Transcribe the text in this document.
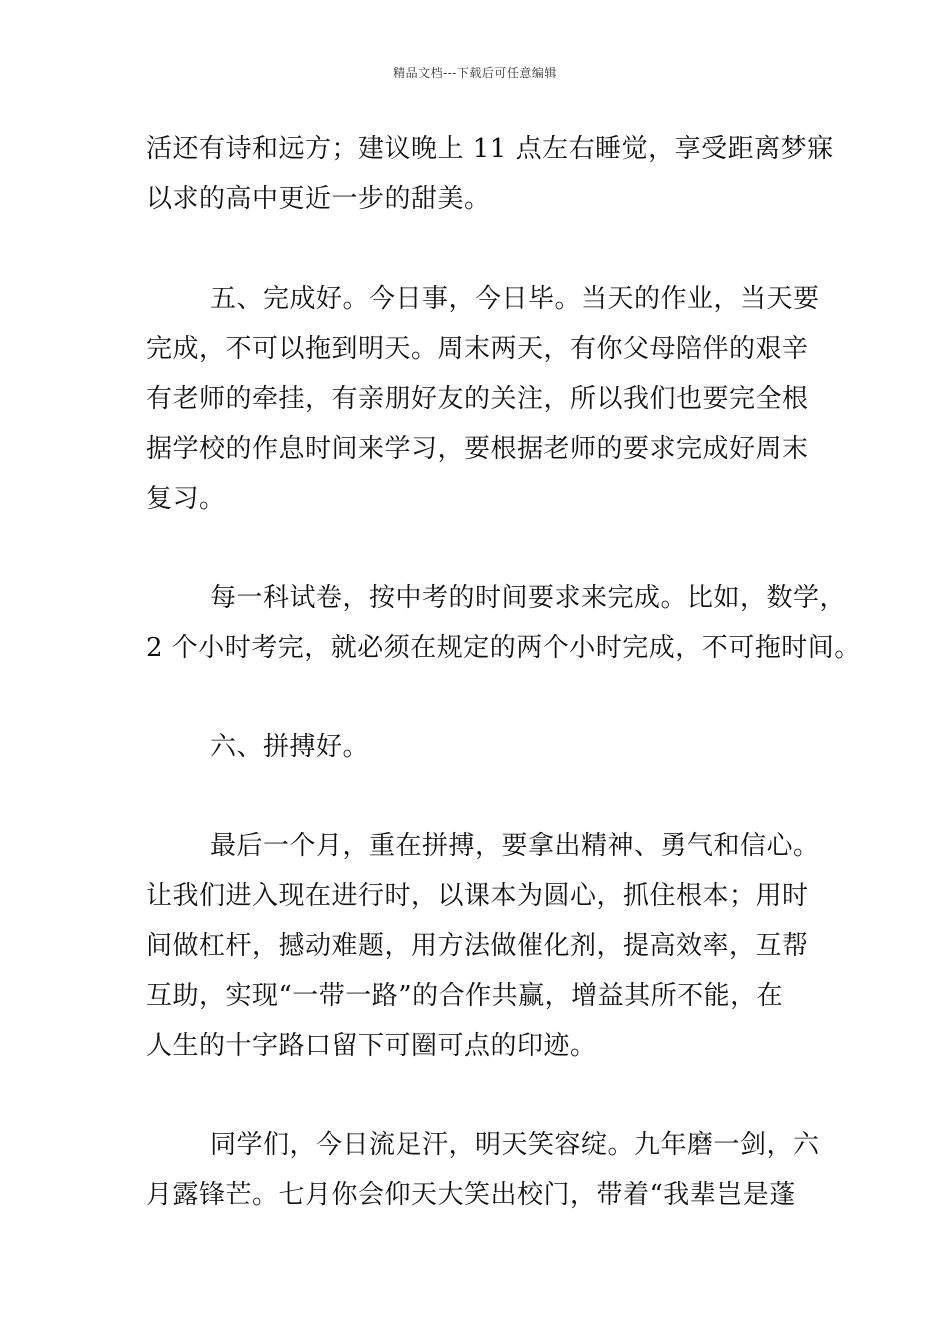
精品文档---下载后可任意编辑
活还有诗和远方；建议晚上 11 点左右睡觉，享受距离梦寐
以求的高中更近一步的甜美。
五、完成好。今日事，今日毕。当天的作业，当天要
完成，不可以拖到明天。周末两天，有你父母陪伴的艰辛
有老师的牵挂，有亲朋好友的关注，所以我们也要完全根
据学校的作息时间来学习，要根据老师的要求完成好周末
复习。
每一科试卷，按中考的时间要求来完成。比如，数学，
2 个小时考完，就必须在规定的两个小时完成，不可拖时间。
六、拼搏好。
最后一个月，重在拼搏，要拿出精神、勇气和信心。
让我们进入现在进行时，以课本为圆心，抓住根本；用时
间做杠杆，撼动难题，用方法做催化剂，提高效率，互帮
互助，实现“一带一路”的合作共赢，增益其所不能，在
人生的十字路口留下可圈可点的印迹。
同学们，今日流足汗，明天笑容绽。九年磨一剑，六
月露锋芒。七月你会仰天大笑出校门，带着“我辈岂是蓬
